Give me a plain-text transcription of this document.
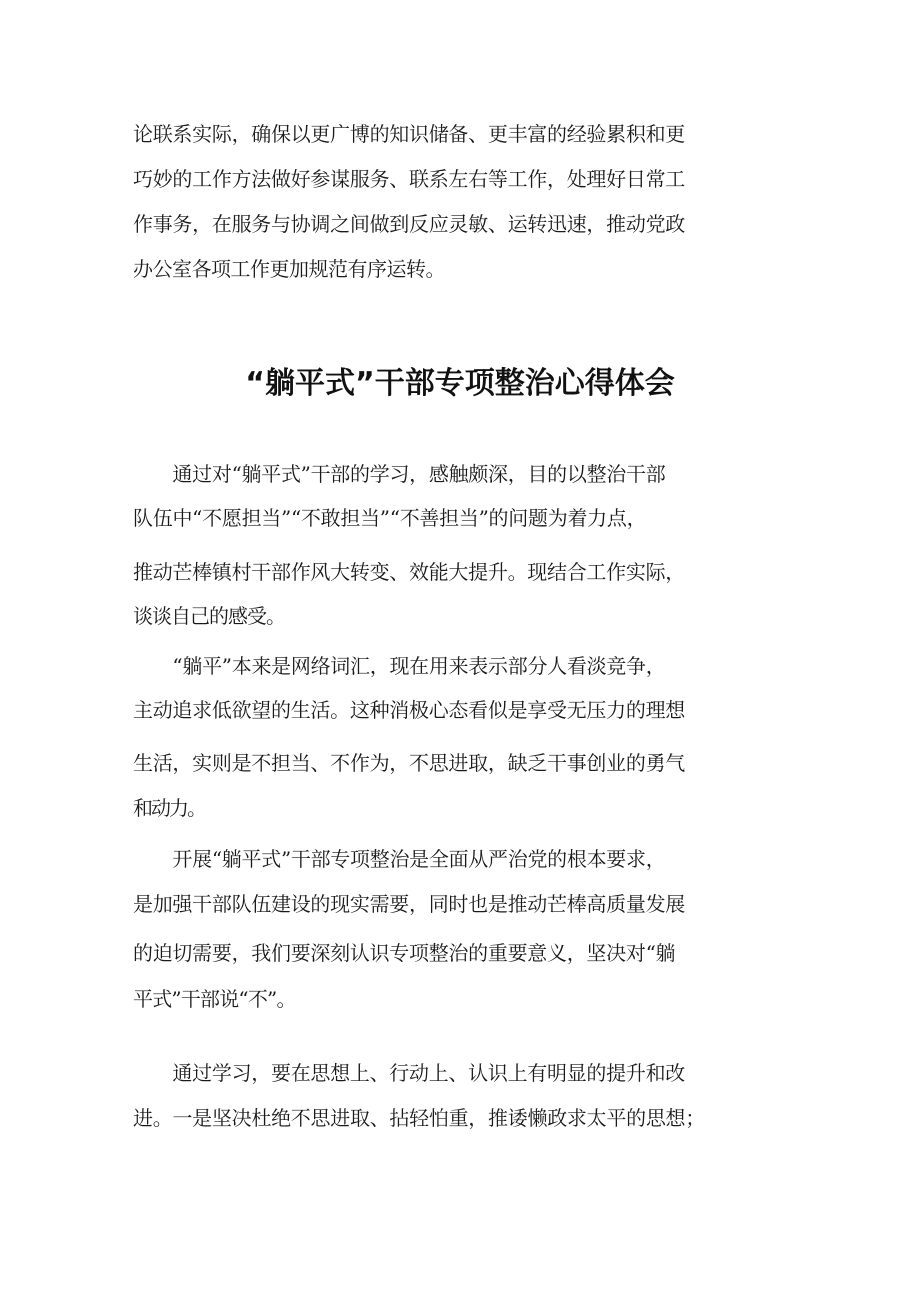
论联系实际，确保以更广博的知识储备、更丰富的经验累积和更
巧妙的工作方法做好参谋服务、联系左右等工作，处理好日常工
作事务，在服务与协调之间做到反应灵敏、运转迅速，推动党政
办公室各项工作更加规范有序运转。
“躺平式”干部专项整治心得体会
　　通过对“躺平式”干部的学习，感触颇深，目的以整治干部
队伍中“不愿担当”“不敢担当”“不善担当”的问题为着力点，
推动芒棒镇村干部作风大转变、效能大提升。现结合工作实际，
谈谈自己的感受。
　　“躺平”本来是网络词汇，现在用来表示部分人看淡竞争，
主动追求低欲望的生活。这种消极心态看似是享受无压力的理想
生活，实则是不担当、不作为，不思进取，缺乏干事创业的勇气
和动力。
　　开展“躺平式”干部专项整治是全面从严治党的根本要求，
是加强干部队伍建设的现实需要，同时也是推动芒棒高质量发展
的迫切需要，我们要深刻认识专项整治的重要意义，坚决对“躺
平式”干部说“不”。
　　通过学习，要在思想上、行动上、认识上有明显的提升和改
进。一是坚决杜绝不思进取、拈轻怕重，推诿懒政求太平的思想；
